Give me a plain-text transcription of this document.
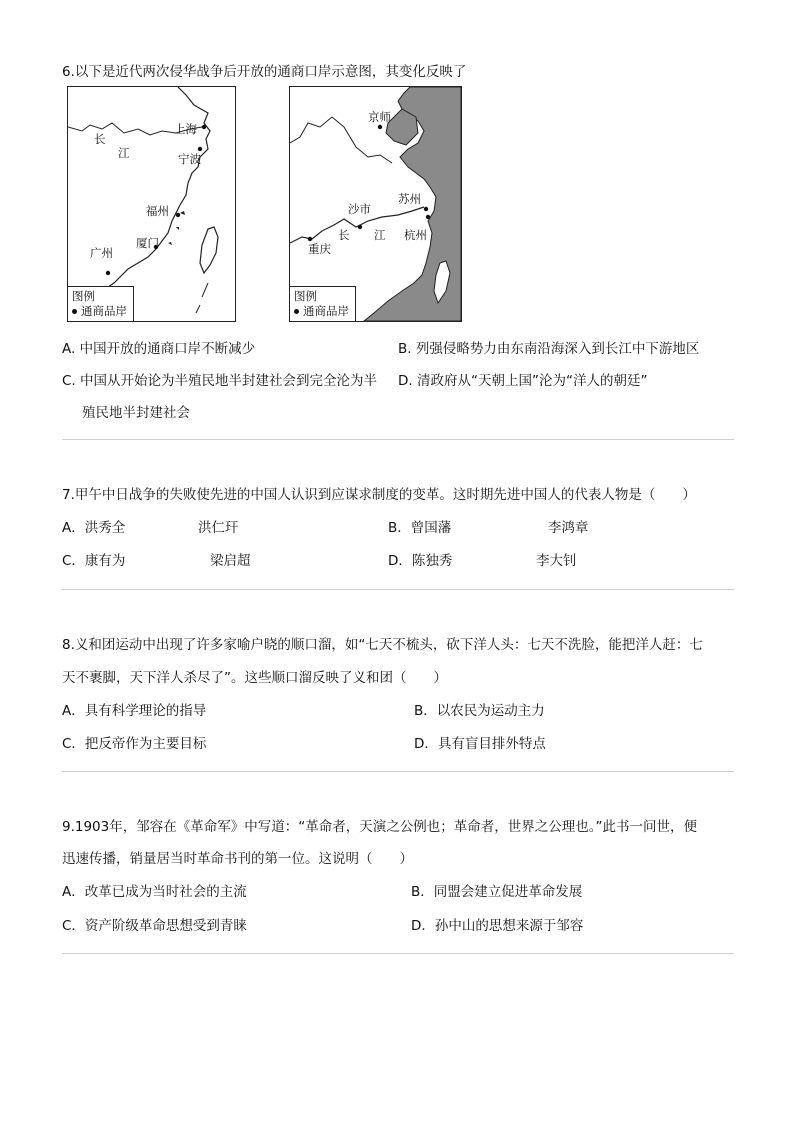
6.以下是近代两次侵华战争后开放的通商口岸示意图，其变化反映了
长
江
上海
宁波
福州
厦门
广州
图例
通商品岸
京师
苏州
沙市
长 江 杭州
重庆
图例
通商品岸
A. 中国开放的通商口岸不断减少	B. 列强侵略势力由东南沿海深入到长江中下游地区
C. 中国从开始论为半殖民地半封建社会到完全沦为半 D. 清政府从“天朝上国”沦为“洋人的朝廷”
殖民地半封建社会
7.甲午中日战争的失败使先进的中国人认识到应谋求制度的变革。这时期先进中国人的代表人物是（　　）
A．洪秀全	洪仁玕	B．曾国藩	李鸿章
C．康有为	梁启超	D．陈独秀	李大钊
8.义和团运动中出现了许多家喻户晓的顺口溜，如“七天不梳头，砍下洋人头：七天不洗脸，能把洋人赶：七
天不裹脚，天下洋人杀尽了”。这些顺口溜反映了义和团（　　）
A．具有科学理论的指导	B．以农民为运动主力
C．把反帝作为主要目标	D．具有盲目排外特点
9.1903年，邹容在《革命军》中写道：“革命者，天演之公例也；革命者，世界之公理也。”此书一问世，便
迅速传播，销量居当时革命书刊的第一位。这说明（　　）
A．改革已成为当时社会的主流	B．同盟会建立促进革命发展
C．资产阶级革命思想受到青睐	D．孙中山的思想来源于邹容
